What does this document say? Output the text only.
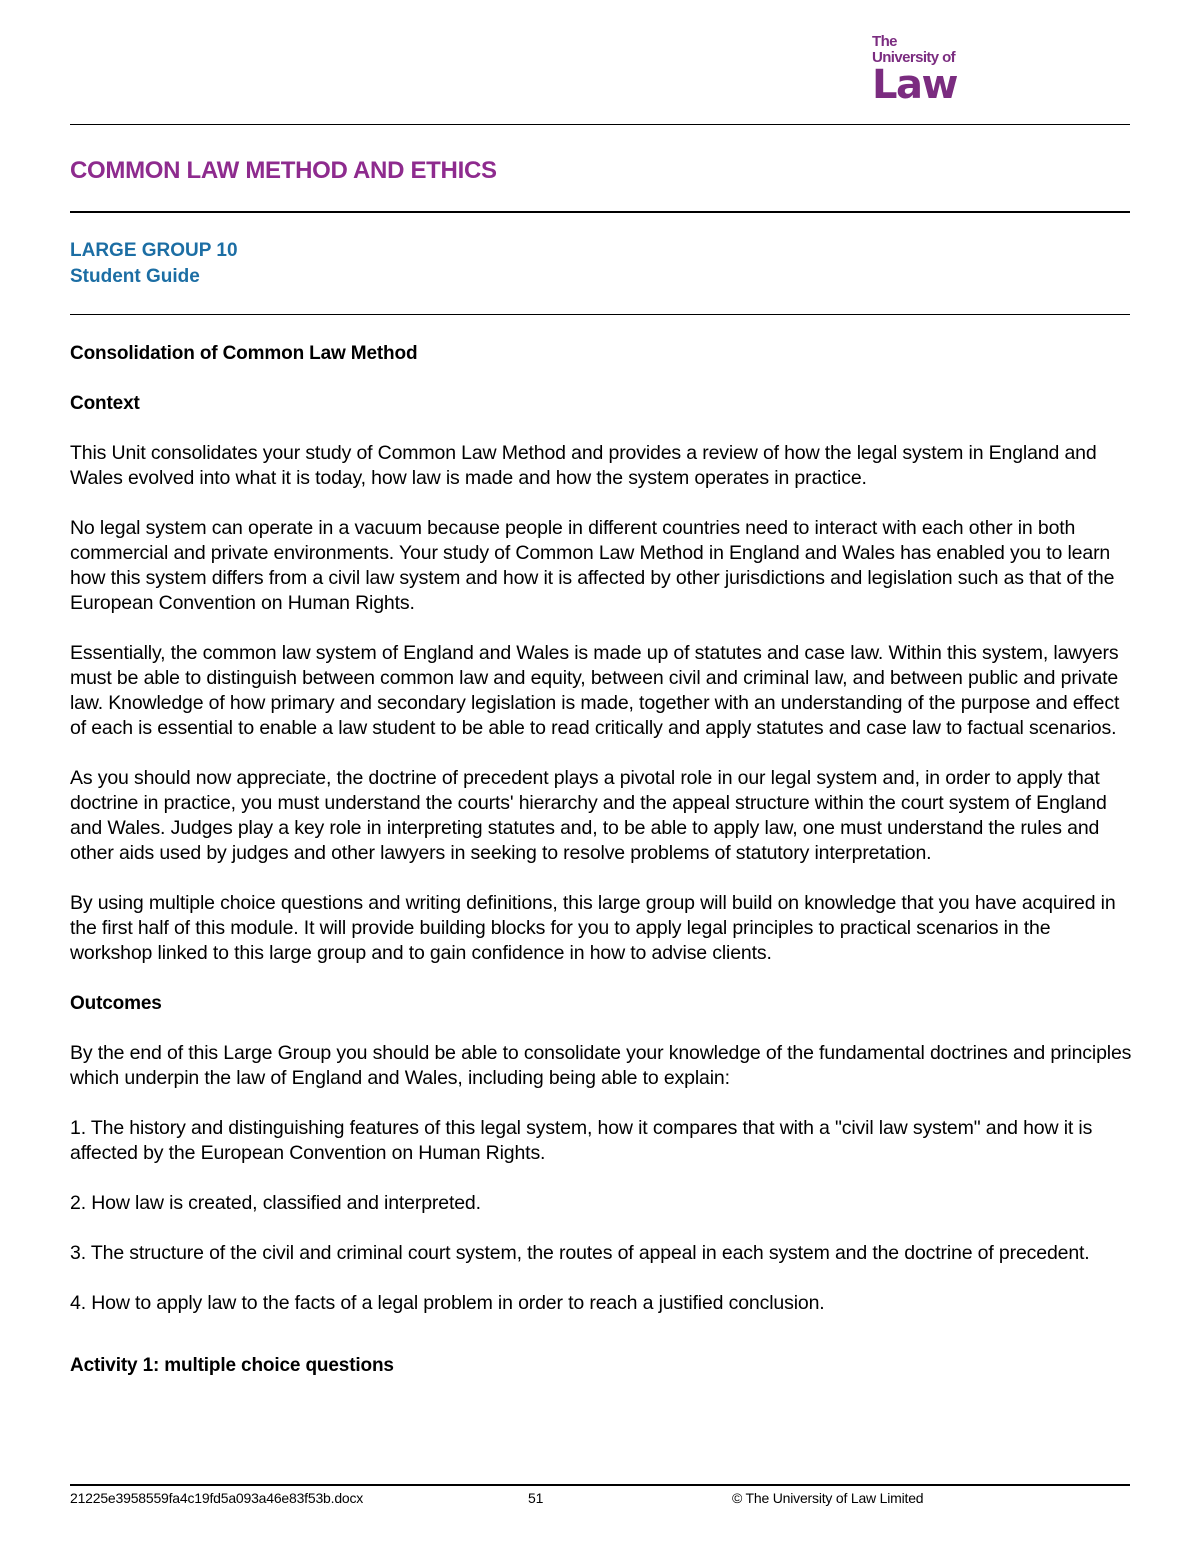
The
University of
Law
COMMON LAW METHOD AND ETHICS
LARGE GROUP 10
Student Guide
Consolidation of Common Law Method
Context

This Unit consolidates your study of Common Law Method and provides a review of how the legal system in England and Wales evolved into what it is today, how law is made and how the system operates in practice.

No legal system can operate in a vacuum because people in different countries need to interact with each other in both commercial and private environments. Your study of Common Law Method in England and Wales has enabled you to learn how this system differs from a civil law system and how it is affected by other jurisdictions and legislation such as that of the European Convention on Human Rights.

Essentially, the common law system of England and Wales is made up of statutes and case law. Within this system, lawyers must be able to distinguish between common law and equity, between civil and criminal law, and between public and private law. Knowledge of how primary and secondary legislation is made, together with an understanding of the purpose and effect of each is essential to enable a law student to be able to read critically and apply statutes and case law to factual scenarios.

As you should now appreciate, the doctrine of precedent plays a pivotal role in our legal system and, in order to apply that doctrine in practice, you must understand the courts' hierarchy and the appeal structure within the court system of England and Wales. Judges play a key role in interpreting statutes and, to be able to apply law, one must understand the rules and other aids used by judges and other lawyers in seeking to resolve problems of statutory interpretation.

By using multiple choice questions and writing definitions, this large group will build on knowledge that you have acquired in the first half of this module. It will provide building blocks for you to apply legal principles to practical scenarios in the workshop linked to this large group and to gain confidence in how to advise clients.

Outcomes

By the end of this Large Group you should be able to consolidate your knowledge of the fundamental doctrines and principles which underpin the law of England and Wales, including being able to explain:

1. The history and distinguishing features of this legal system, how it compares that with a "civil law system" and how it is affected by the European Convention on Human Rights.

2. How law is created, classified and interpreted.

3. The structure of the civil and criminal court system, the routes of appeal in each system and the doctrine of precedent.

4. How to apply law to the facts of a legal problem in order to reach a justified conclusion.

Activity 1: multiple choice questions
21225e3958559fa4c19fd5a093a46e83f53b.docx	51	© The University of Law Limited
